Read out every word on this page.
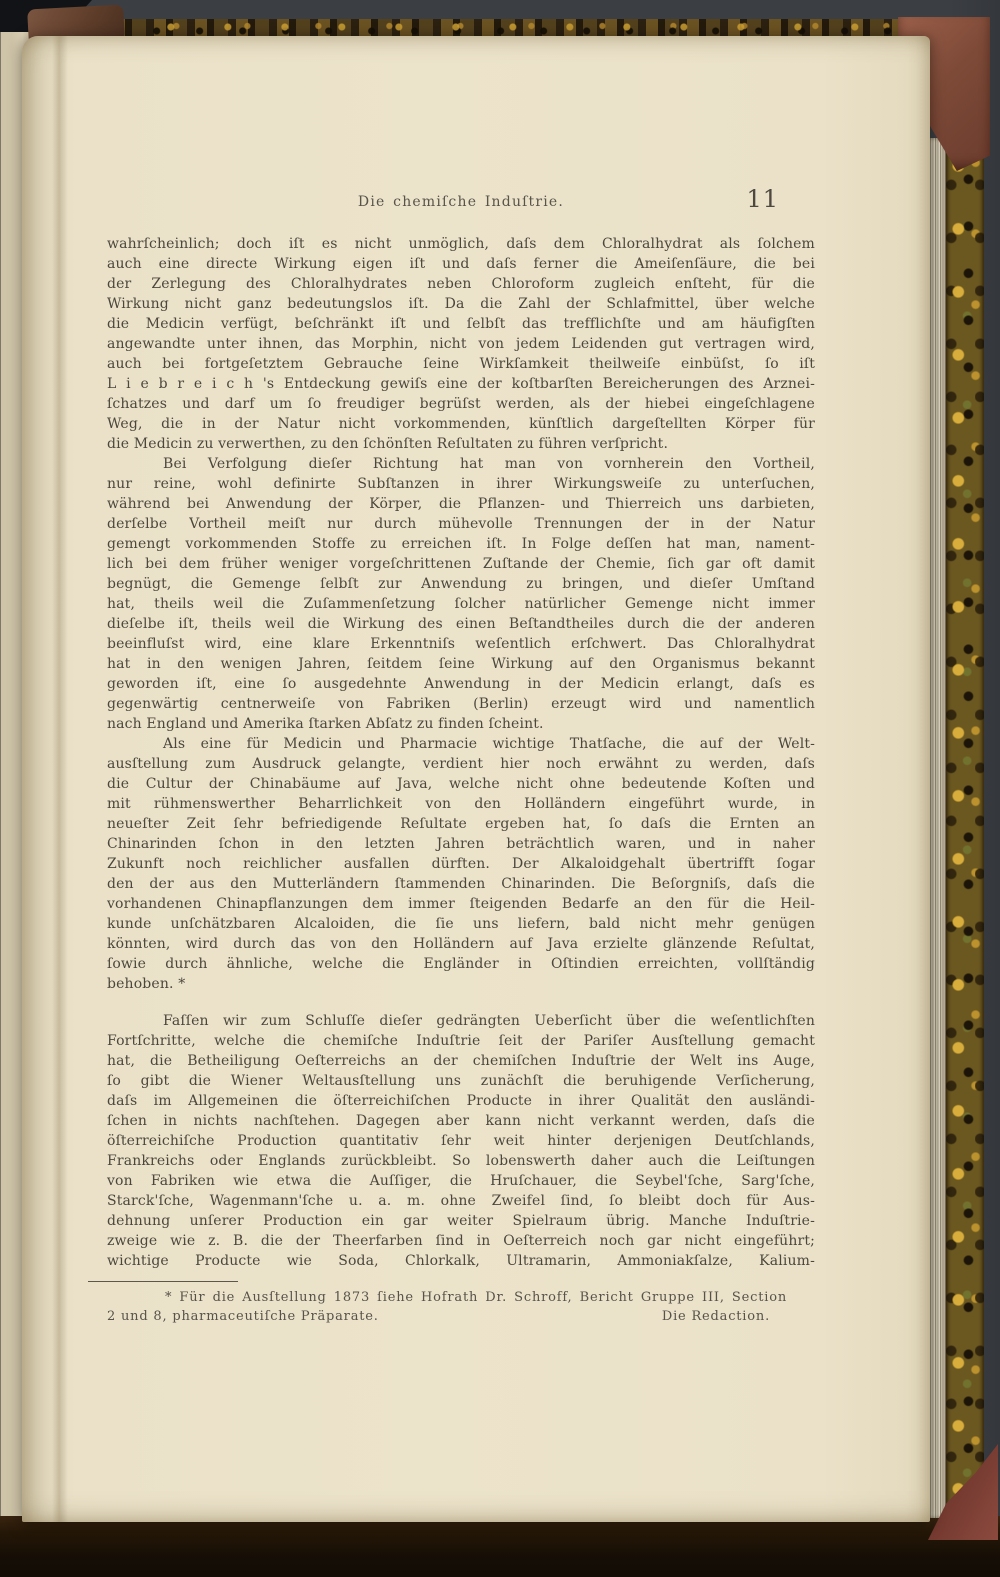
Die chemiſche Induſtrie.	11
wahrſcheinlich; doch iſt es nicht unmöglich, daſs dem Chloralhydrat als ſolchem
auch eine directe Wirkung eigen iſt und daſs ferner die Ameiſenſäure, die bei
der Zerlegung des Chloralhydrates neben Chloroform zugleich enſteht, für die
Wirkung nicht ganz bedeutungslos iſt. Da die Zahl der Schlafmittel, über welche
die Medicin verfügt, beſchränkt iſt und ſelbſt das trefflichſte und am häufigſten
angewandte unter ihnen, das Morphin, nicht von jedem Leidenden gut vertragen wird,
auch bei fortgeſetztem Gebrauche ſeine Wirkſamkeit theilweiſe einbüſst, ſo iſt
L i e b r e i c h 's Entdeckung gewiſs eine der koſtbarſten Bereicherungen des Arznei-
ſchatzes und darf um ſo freudiger begrüſst werden, als der hiebei eingeſchlagene
Weg, die in der Natur nicht vorkommenden, künſtlich dargeſtellten Körper für
die Medicin zu verwerthen, zu den ſchönſten Reſultaten zu führen verſpricht.
Bei Verfolgung dieſer Richtung hat man von vornherein den Vortheil,
nur reine, wohl definirte Subſtanzen in ihrer Wirkungsweiſe zu unterſuchen,
während bei Anwendung der Körper, die Pflanzen- und Thierreich uns darbieten,
derſelbe Vortheil meiſt nur durch mühevolle Trennungen der in der Natur
gemengt vorkommenden Stoffe zu erreichen iſt. In Folge deſſen hat man, nament-
lich bei dem früher weniger vorgeſchrittenen Zuſtande der Chemie, ſich gar oft damit
begnügt, die Gemenge ſelbſt zur Anwendung zu bringen, und dieſer Umſtand
hat, theils weil die Zuſammenſetzung ſolcher natürlicher Gemenge nicht immer
dieſelbe iſt, theils weil die Wirkung des einen Beſtandtheiles durch die der anderen
beeinfluſst wird, eine klare Erkenntniſs weſentlich erſchwert. Das Chloralhydrat
hat in den wenigen Jahren, ſeitdem ſeine Wirkung auf den Organismus bekannt
geworden iſt, eine ſo ausgedehnte Anwendung in der Medicin erlangt, daſs es
gegenwärtig centnerweiſe von Fabriken (Berlin) erzeugt wird und namentlich
nach England und Amerika ſtarken Abſatz zu finden ſcheint.
Als eine für Medicin und Pharmacie wichtige Thatſache, die auf der Welt-
ausſtellung zum Ausdruck gelangte, verdient hier noch erwähnt zu werden, daſs
die Cultur der Chinabäume auf Java, welche nicht ohne bedeutende Koſten und
mit rühmenswerther Beharrlichkeit von den Holländern eingeführt wurde, in
neueſter Zeit ſehr befriedigende Reſultate ergeben hat, ſo daſs die Ernten an
Chinarinden ſchon in den letzten Jahren beträchtlich waren, und in naher
Zukunft noch reichlicher ausfallen dürften. Der Alkaloidgehalt übertrifft ſogar
den der aus den Mutterländern ſtammenden Chinarinden. Die Beſorgniſs, daſs die
vorhandenen Chinapflanzungen dem immer ſteigenden Bedarfe an den für die Heil-
kunde unſchätzbaren Alcaloiden, die ſie uns liefern, bald nicht mehr genügen
könnten, wird durch das von den Holländern auf Java erzielte glänzende Reſultat,
ſowie durch ähnliche, welche die Engländer in Oſtindien erreichten, vollſtändig
behoben. *
Faſſen wir zum Schluſſe dieſer gedrängten Ueberſicht über die weſentlichſten
Fortſchritte, welche die chemiſche Induſtrie ſeit der Pariſer Ausſtellung gemacht
hat, die Betheiligung Oeſterreichs an der chemiſchen Induſtrie der Welt ins Auge,
ſo gibt die Wiener Weltausſtellung uns zunächſt die beruhigende Verſicherung,
daſs im Allgemeinen die öſterreichiſchen Producte in ihrer Qualität den ausländi-
ſchen in nichts nachſtehen. Dagegen aber kann nicht verkannt werden, daſs die
öſterreichiſche Production quantitativ ſehr weit hinter derjenigen Deutſchlands,
Frankreichs oder Englands zurückbleibt. So lobenswerth daher auch die Leiſtungen
von Fabriken wie etwa die Auſſiger, die Hruſchauer, die Seybel'ſche, Sarg'ſche,
Starck'ſche, Wagenmann'ſche u. a. m. ohne Zweifel ſind, ſo bleibt doch für Aus-
dehnung unſerer Production ein gar weiter Spielraum übrig. Manche Induſtrie-
zweige wie z. B. die der Theerfarben ſind in Oeſterreich noch gar nicht eingeführt;
wichtige Producte wie Soda, Chlorkalk, Ultramarin, Ammoniakſalze, Kalium-
* Für die Ausſtellung 1873 ſiehe Hofrath Dr. Schroff, Bericht Gruppe III, Section
2 und 8, pharmaceutiſche Präparate.	Die Redaction.
